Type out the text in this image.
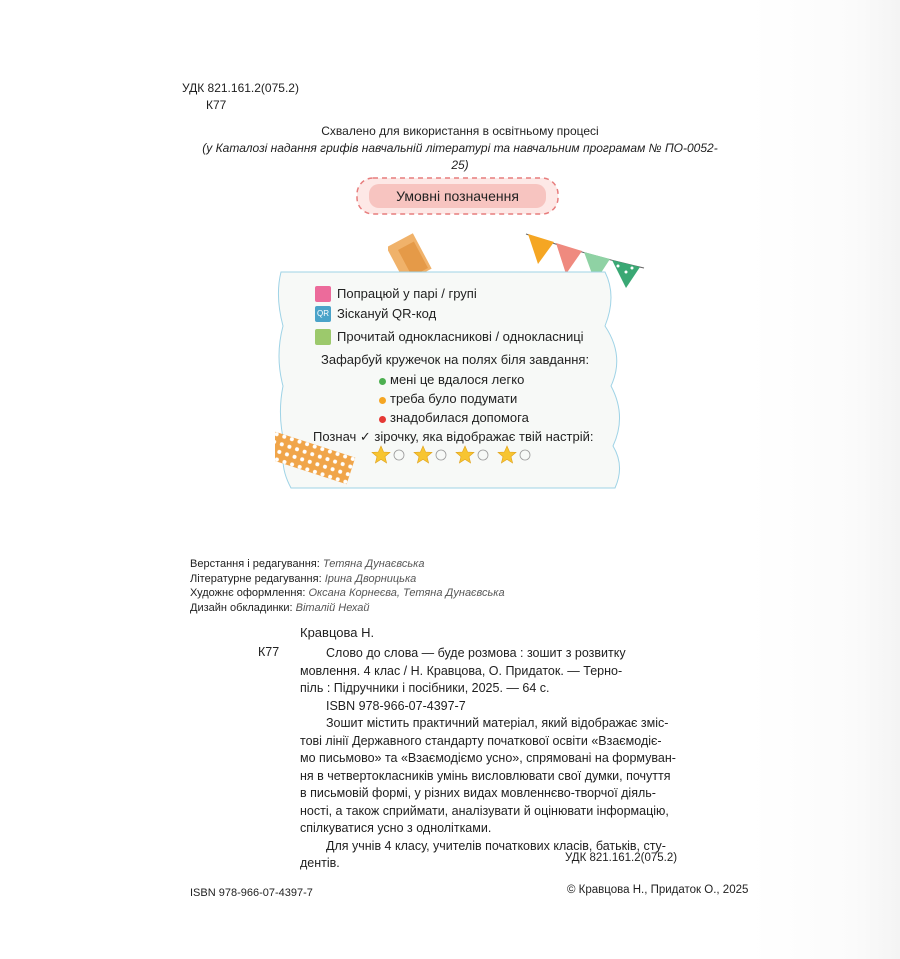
УДК 821.161.2(075.2)
К77
Схвалено для використання в освітньому процесі
(у Каталозі надання грифів навчальній літературі та навчальним програмам № ПО-0052-25)
Умовні позначення
Попрацюй у парі / групі
QR Зіскануй QR-код
Прочитай однокласникові / однокласниці
Зафарбуй кружечок на полях біля завдання:
мені це вдалося легко
треба було подумати
знадобилася допомога
Познач ✓ зірочку, яка відображає твій настрій:
Верстання і редагування: Тетяна Дунаєвська
Літературне редагування: Ірина Дворницька
Художнє оформлення: Оксана Корнеєва, Тетяна Дунаєвська
Дизайн обкладинки: Віталій Нехай
Кравцова Н.
К77	Слово до слова — буде розмова : зошит з розвитку

мовлення. 4 клас / Н. Кравцова, О. Придаток. — Терно-

піль : Підручники і посібники, 2025. — 64 с.

ISBN 978-966-07-4397-7

Зошит містить практичний матеріал, який відображає змiс-

тові лінії Державного стандарту початкової освіти «Взаємодіє-

мо письмово» та «Взаємодіємо усно», спрямовані на формуван-

ня в четвертокласників умінь висловлювати свої думки, почуття

в письмовій формі, у різних видах мовленнєво-творчої діяль-

ності, а також сприймати, аналізувати й оцінювати інформацію,

спілкуватися усно з однолітками.

Для учнів 4 класу, учителів початкових класів, батьків, сту-

дентів.	УДК 821.161.2(075.2)
ISBN 978-966-07-4397-7	© Кравцова Н., Придаток О., 2025
